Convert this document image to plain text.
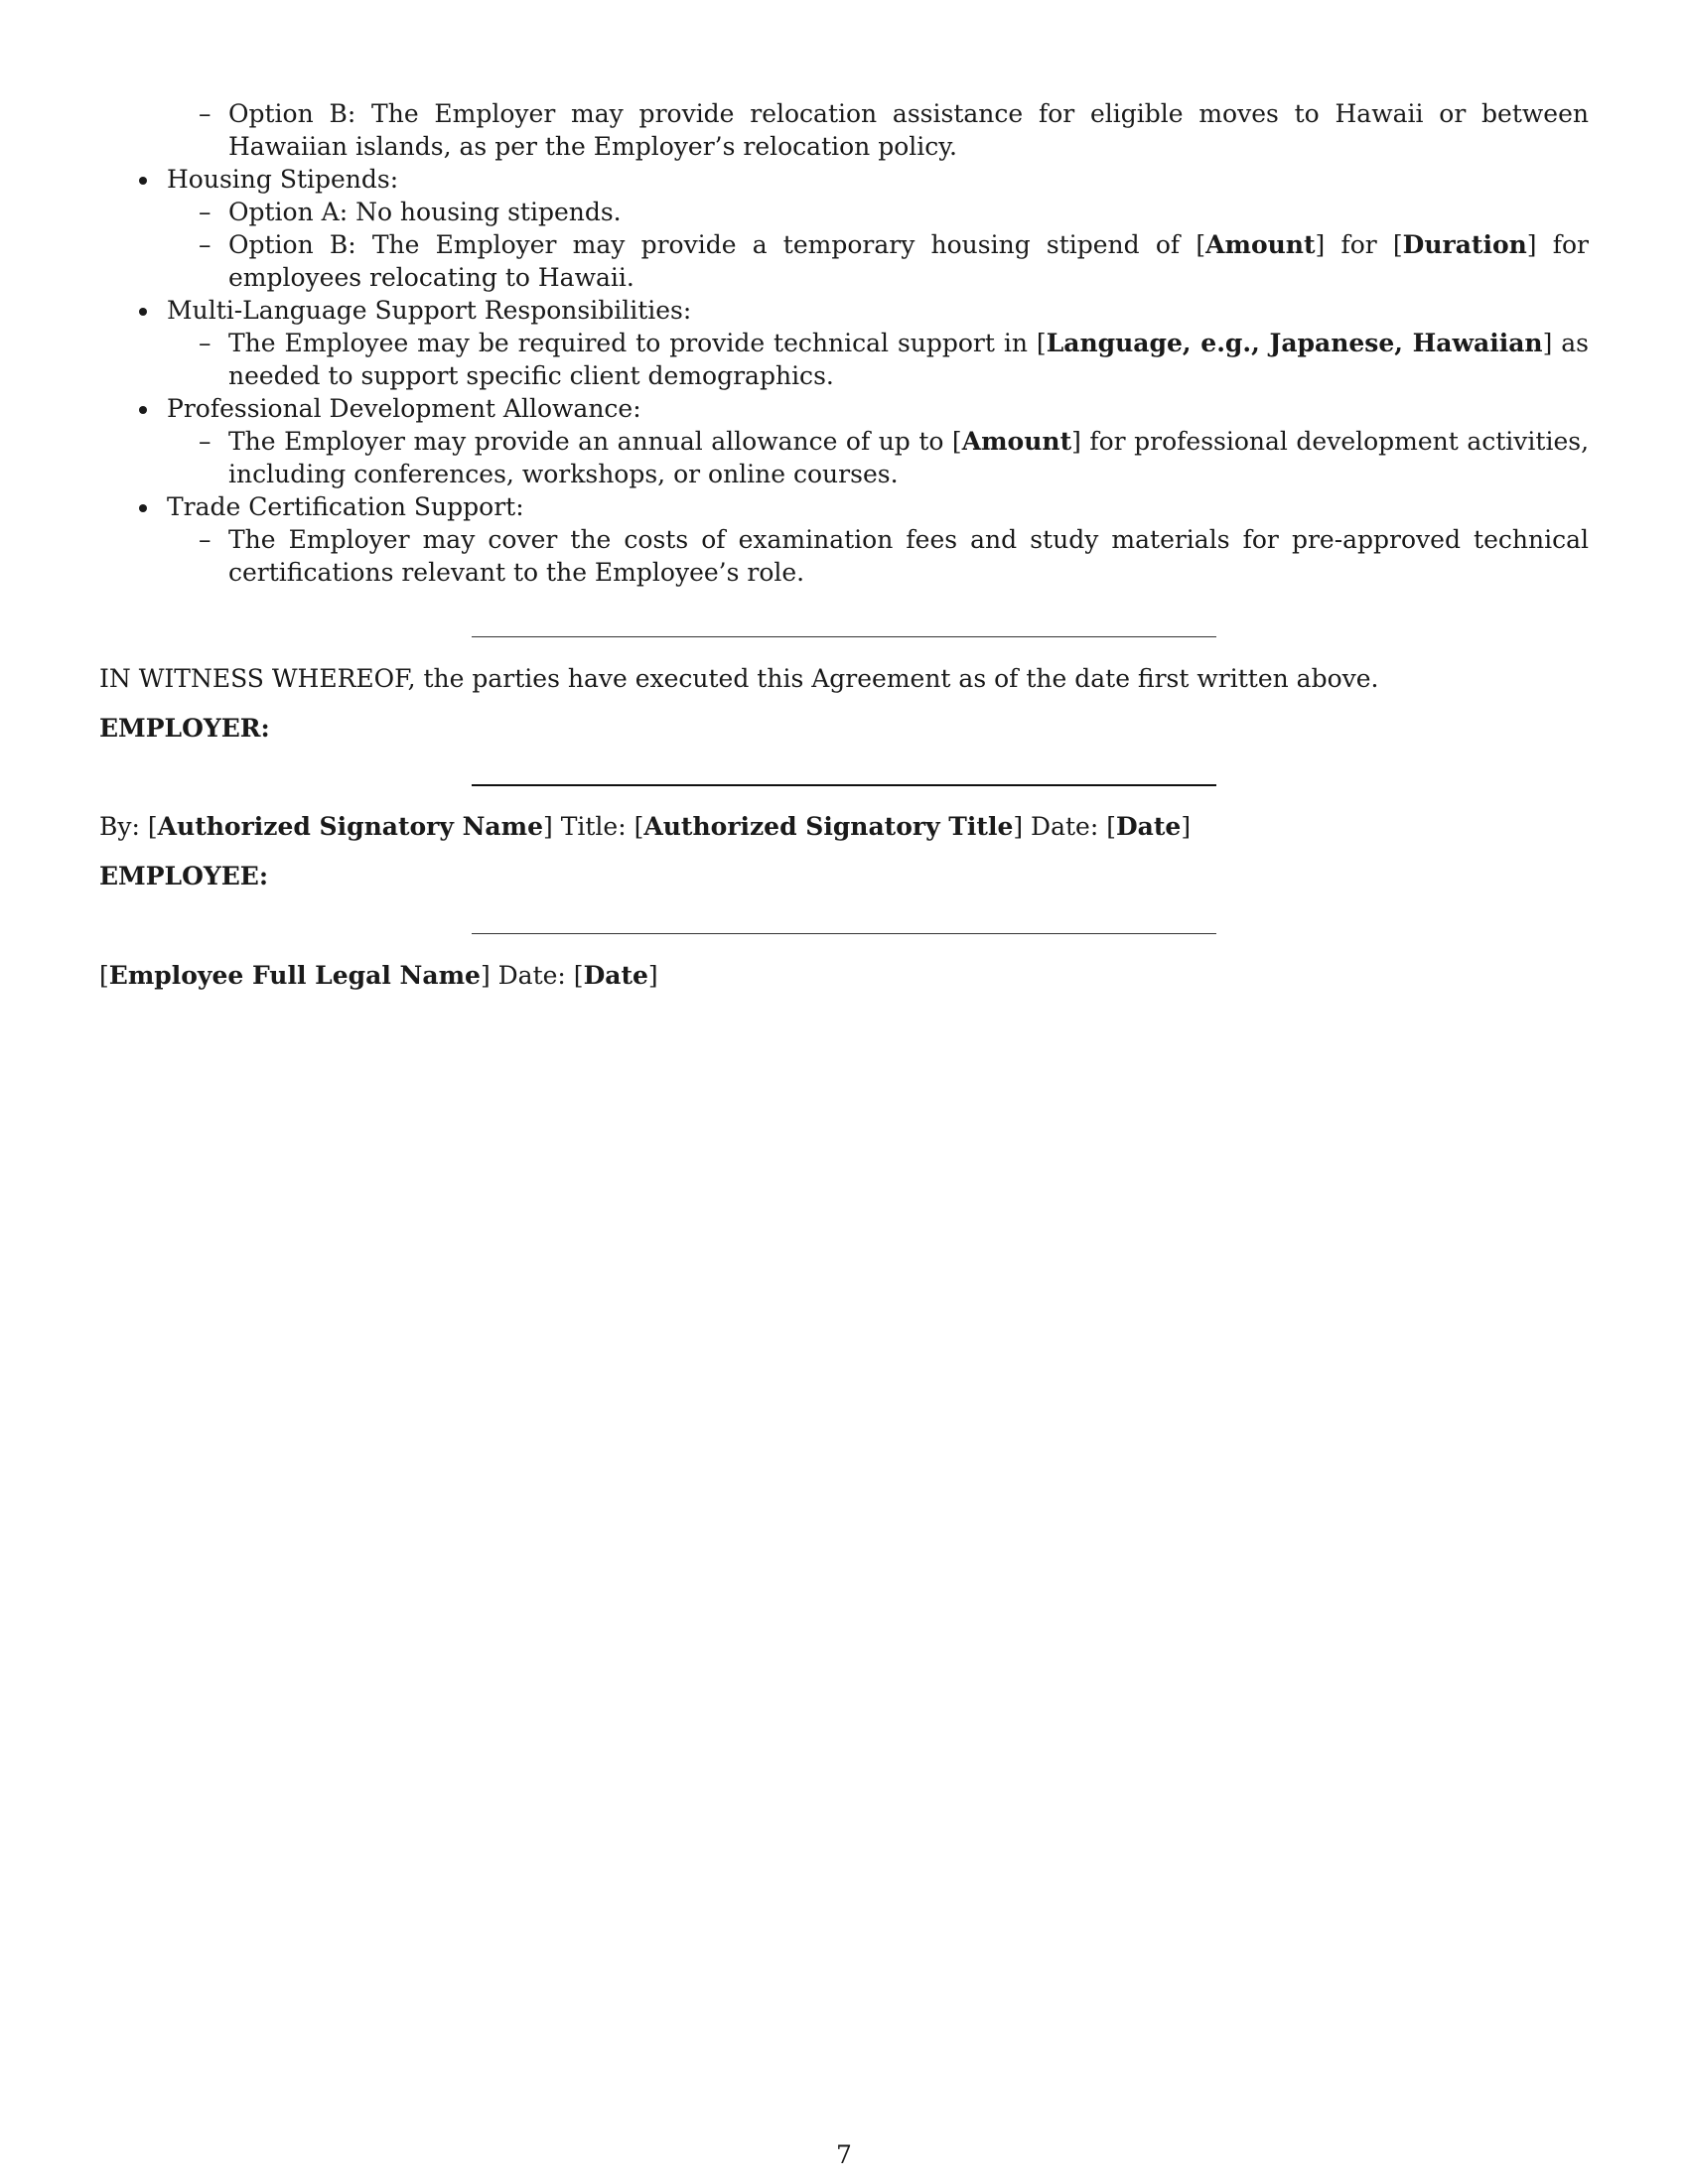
– Option B: The Employer may provide relocation assistance for eligible moves to Hawaii or between Hawaiian islands, as per the Employer’s relocation policy.
Housing Stipends:
– Option A: No housing stipends.
– Option B: The Employer may provide a temporary housing stipend of [Amount] for [Duration] for employees relocating to Hawaii.
Multi-Language Support Responsibilities:
– The Employee may be required to provide technical support in [Language, e.g., Japanese, Hawaiian] as needed to support specific client demographics.
Professional Development Allowance:
– The Employer may provide an annual allowance of up to [Amount] for professional development activities, including conferences, workshops, or online courses.
Trade Certification Support:
– The Employer may cover the costs of examination fees and study materials for pre-approved technical certifications relevant to the Employee’s role.
IN WITNESS WHEREOF, the parties have executed this Agreement as of the date first written above.
EMPLOYER:
By: [Authorized Signatory Name] Title: [Authorized Signatory Title] Date: [Date]
EMPLOYEE:
[Employee Full Legal Name] Date: [Date]
7
